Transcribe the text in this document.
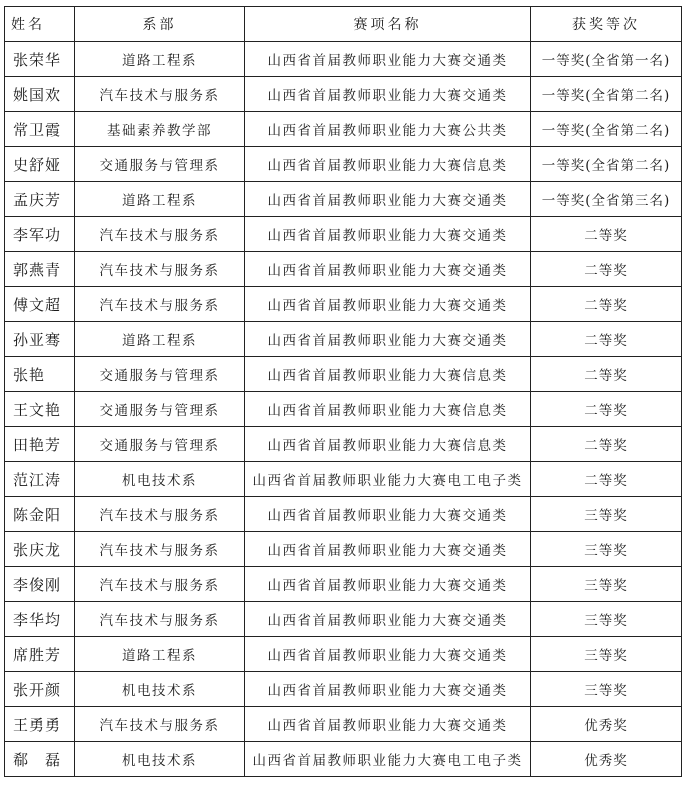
姓名	系部	赛项名称	获奖等次
张荣华	道路工程系	山西省首届教师职业能力大赛交通类	一等奖(全省第一名)
姚国欢	汽车技术与服务系	山西省首届教师职业能力大赛交通类	一等奖(全省第二名)
常卫霞	基础素养教学部	山西省首届教师职业能力大赛公共类	一等奖(全省第二名)
史舒娅	交通服务与管理系	山西省首届教师职业能力大赛信息类	一等奖(全省第二名)
孟庆芳	道路工程系	山西省首届教师职业能力大赛交通类	一等奖(全省第三名)
李军功	汽车技术与服务系	山西省首届教师职业能力大赛交通类	二等奖
郭燕青	汽车技术与服务系	山西省首届教师职业能力大赛交通类	二等奖
傅文超	汽车技术与服务系	山西省首届教师职业能力大赛交通类	二等奖
孙亚骞	道路工程系	山西省首届教师职业能力大赛交通类	二等奖
张艳	交通服务与管理系	山西省首届教师职业能力大赛信息类	二等奖
王文艳	交通服务与管理系	山西省首届教师职业能力大赛信息类	二等奖
田艳芳	交通服务与管理系	山西省首届教师职业能力大赛信息类	二等奖
范江涛	机电技术系	山西省首届教师职业能力大赛电工电子类	二等奖
陈金阳	汽车技术与服务系	山西省首届教师职业能力大赛交通类	三等奖
张庆龙	汽车技术与服务系	山西省首届教师职业能力大赛交通类	三等奖
李俊刚	汽车技术与服务系	山西省首届教师职业能力大赛交通类	三等奖
李华均	汽车技术与服务系	山西省首届教师职业能力大赛交通类	三等奖
席胜芳	道路工程系	山西省首届教师职业能力大赛交通类	三等奖
张开颜	机电技术系	山西省首届教师职业能力大赛交通类	三等奖
王勇勇	汽车技术与服务系	山西省首届教师职业能力大赛交通类	优秀奖
郗　磊	机电技术系	山西省首届教师职业能力大赛电工电子类	优秀奖
